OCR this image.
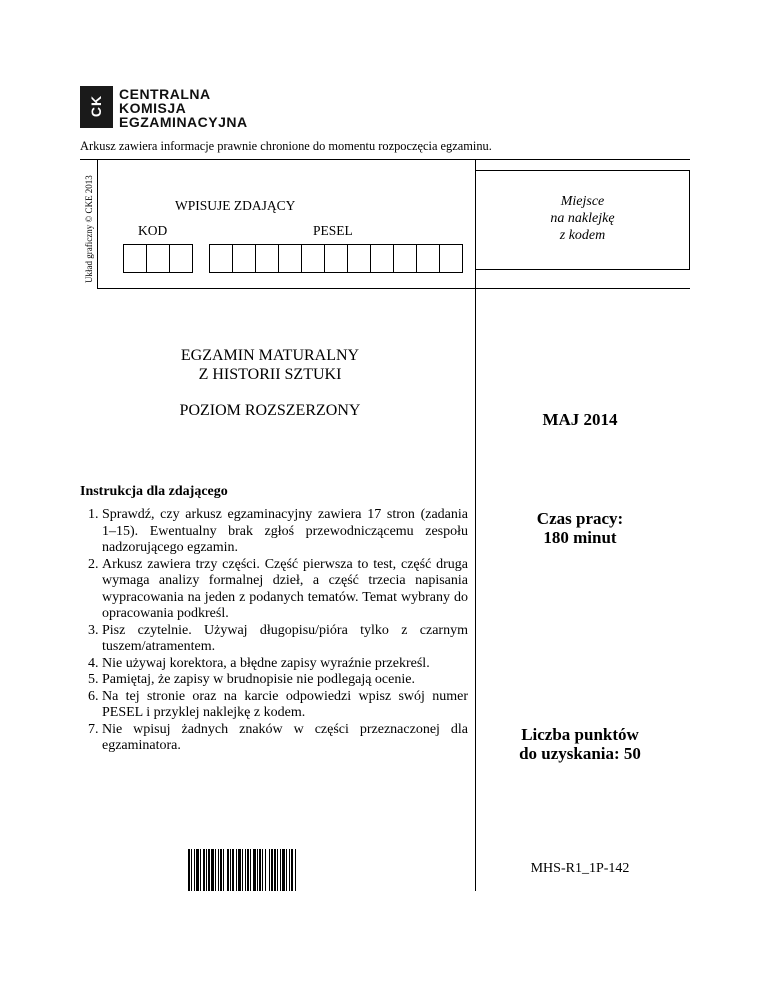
CK
CENTRALNA
KOMISJA
EGZAMINACYJNA
Arkusz zawiera informacje prawnie chronione do momentu rozpoczęcia egzaminu.
Układ graficzny © CKE 2013	WPISUJE ZDAJĄCY
KOD	PESEL
Miejsce
na naklejkę
z kodem
EGZAMIN MATURALNY
Z HISTORII SZTUKI
POZIOM ROZSZERZONY	MAJ 2014
Instrukcja dla zdającego
1. Sprawdź, czy arkusz egzaminacyjny zawiera 17 stron (zadania 1–15). Ewentualny brak zgłoś przewodniczącemu zespołu nadzorującego egzamin.
2. Arkusz zawiera trzy części. Część pierwsza to test, część druga wymaga analizy formalnej dzieł, a część trzecia napisania wypracowania na jeden z podanych tematów. Temat wybrany do opracowania podkreśl.
3. Pisz czytelnie. Używaj długopisu/pióra tylko z czarnym tuszem/atramentem.
4. Nie używaj korektora, a błędne zapisy wyraźnie przekreśl.
5. Pamiętaj, że zapisy w brudnopisie nie podlegają ocenie.
6. Na tej stronie oraz na karcie odpowiedzi wpisz swój numer PESEL i przyklej naklejkę z kodem.
7. Nie wpisuj żadnych znaków w części przeznaczonej dla egzaminatora.
Czas pracy:
180 minut
Liczba punktów
do uzyskania: 50
MHS-R1_1P-142
